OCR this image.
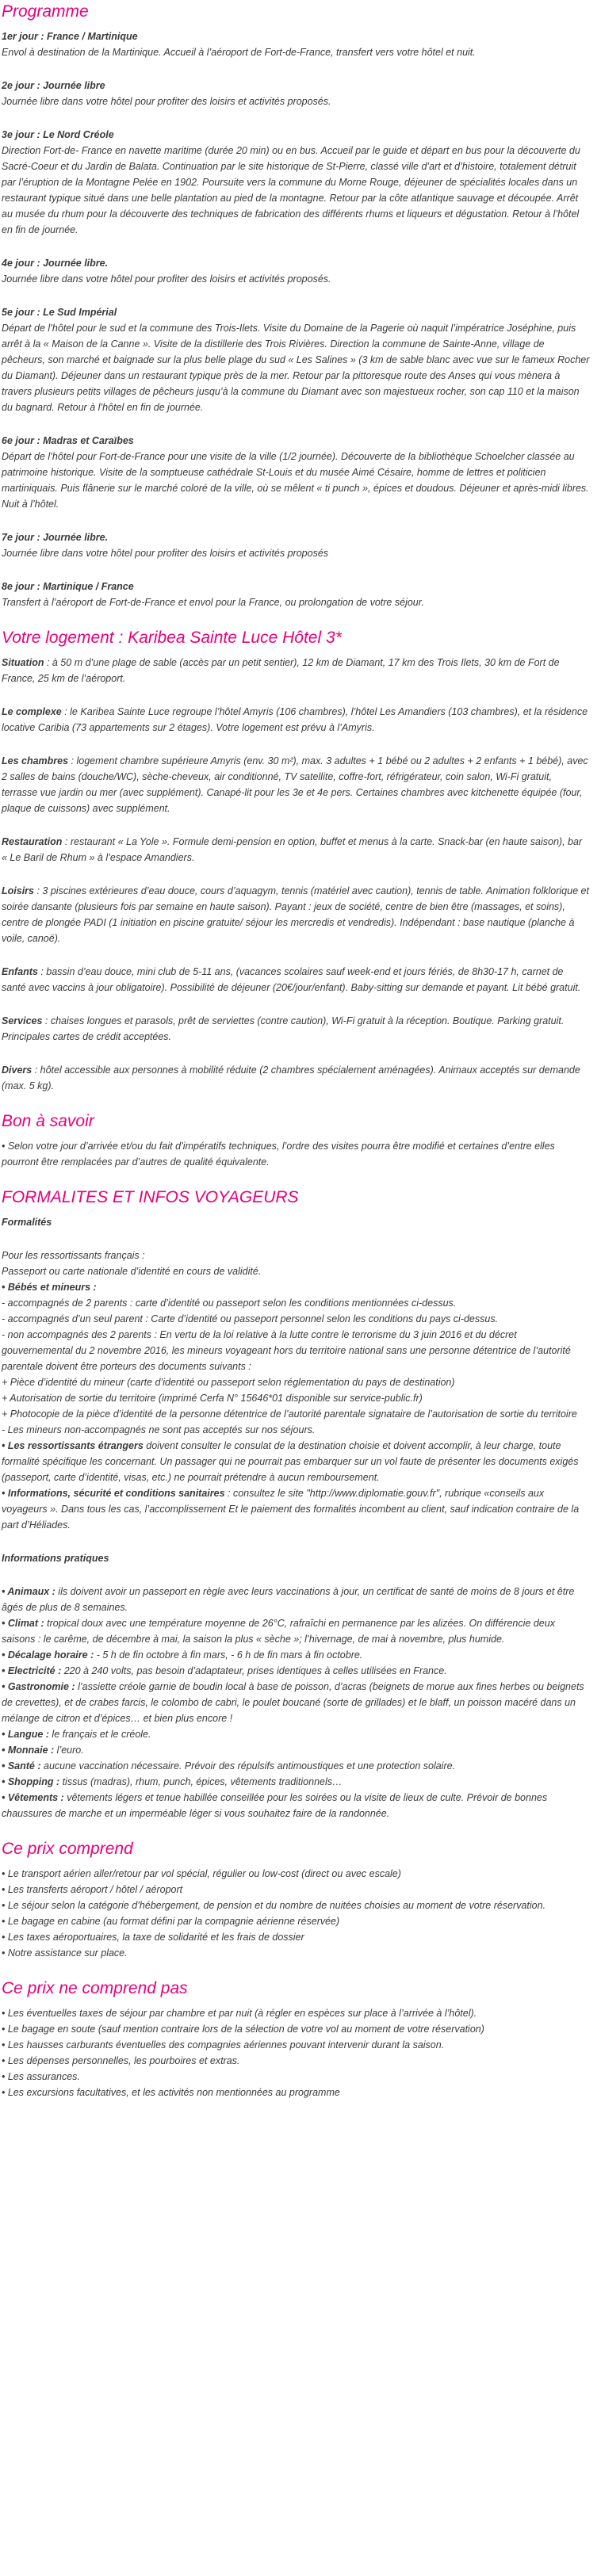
Programme
1er jour : France / Martinique
Envol à destination de la Martinique. Accueil à l’aéroport de Fort-de-France, transfert vers votre hôtel et nuit.
2e jour : Journée libre
Journée libre dans votre hôtel pour profiter des loisirs et activités proposés.
3e jour : Le Nord Créole
Direction Fort-de- France en navette maritime (durée 20 min) ou en bus. Accueil par le guide et départ en bus pour la découverte du Sacré-Coeur et du Jardin de Balata. Continuation par le site historique de St-Pierre, classé ville d’art et d’histoire, totalement détruit par l’éruption de la Montagne Pelée en 1902. Poursuite vers la commune du Morne Rouge, déjeuner de spécialités locales dans un restaurant typique situé dans une belle plantation au pied de la montagne. Retour par la côte atlantique sauvage et découpée. Arrêt au musée du rhum pour la découverte des techniques de fabrication des différents rhums et liqueurs et dégustation. Retour à l’hôtel en fin de journée.
4e jour : Journée libre.
Journée libre dans votre hôtel pour profiter des loisirs et activités proposés.
5e jour : Le Sud Impérial
Départ de l’hôtel pour le sud et la commune des Trois-Ilets. Visite du Domaine de la Pagerie où naquit l’impératrice Joséphine, puis arrêt à la « Maison de la Canne ». Visite de la distillerie des Trois Rivières. Direction la commune de Sainte-Anne, village de pêcheurs, son marché et baignade sur la plus belle plage du sud « Les Salines » (3 km de sable blanc avec vue sur le fameux Rocher du Diamant). Déjeuner dans un restaurant typique près de la mer. Retour par la pittoresque route des Anses qui vous mènera à travers plusieurs petits villages de pêcheurs jusqu’à la commune du Diamant avec son majestueux rocher, son cap 110 et la maison du bagnard. Retour à l’hôtel en fin de journée.
6e jour : Madras et Caraïbes
Départ de l’hôtel pour Fort-de-France pour une visite de la ville (1/2 journée). Découverte de la bibliothèque Schoelcher classée au patrimoine historique. Visite de la somptueuse cathédrale St-Louis et du musée Aimé Césaire, homme de lettres et politicien martiniquais. Puis flânerie sur le marché coloré de la ville, où se mêlent « ti punch », épices et doudous. Déjeuner et après-midi libres. Nuit à l’hôtel.
7e jour : Journée libre.
Journée libre dans votre hôtel pour profiter des loisirs et activités proposés
8e jour : Martinique / France
Transfert à l’aéroport de Fort-de-France et envol pour la France, ou prolongation de votre séjour.
Votre logement : Karibea Sainte Luce Hôtel 3*

Situation : à 50 m d’une plage de sable (accès par un petit sentier), 12 km de Diamant, 17 km des Trois Ilets, 30 km de Fort de France, 25 km de l’aéroport.

Le complexe : le Karibea Sainte Luce regroupe l’hôtel Amyris (106 chambres), l’hôtel Les Amandiers (103 chambres), et la résidence locative Caribia (73 appartements sur 2 étages). Votre logement est prévu à l’Amyris.

Les chambres : logement chambre supérieure Amyris (env. 30 m²), max. 3 adultes + 1 bébé ou 2 adultes + 2 enfants + 1 bébé), avec 2 salles de bains (douche/WC), sèche-cheveux, air conditionné, TV satellite, coffre-fort, réfrigérateur, coin salon, Wi-Fi gratuit, terrasse vue jardin ou mer (avec supplément). Canapé-lit pour les 3e et 4e pers. Certaines chambres avec kitchenette équipée (four, plaque de cuissons) avec supplément.

Restauration : restaurant « La Yole ». Formule demi-pension en option, buffet et menus à la carte. Snack-bar (en haute saison), bar « Le Baril de Rhum » à l’espace Amandiers.

Loisirs : 3 piscines extérieures d’eau douce, cours d’aquagym, tennis (matériel avec caution), tennis de table. Animation folklorique et soirée dansante (plusieurs fois par semaine en haute saison). Payant : jeux de société, centre de bien être (massages, et soins), centre de plongée PADI (1 initiation en piscine gratuite/ séjour les mercredis et vendredis). Indépendant : base nautique (planche à voile, canoë).

Enfants : bassin d’eau douce, mini club de 5-11 ans, (vacances scolaires sauf week-end et jours fériés, de 8h30-17 h, carnet de santé avec vaccins à jour obligatoire). Possibilité de déjeuner (20€/jour/enfant). Baby-sitting sur demande et payant. Lit bébé gratuit.

Services : chaises longues et parasols, prêt de serviettes (contre caution), Wi-Fi gratuit à la réception. Boutique. Parking gratuit. Principales cartes de crédit acceptées.

Divers : hôtel accessible aux personnes à mobilité réduite (2 chambres spécialement aménagées). Animaux acceptés sur demande (max. 5 kg).

Bon à savoir

• Selon votre jour d’arrivée et/ou du fait d’impératifs techniques, l’ordre des visites pourra être modifié et certaines d’entre elles pourront être remplacées par d’autres de qualité équivalente.

FORMALITES ET INFOS VOYAGEURS
Formalités
Pour les ressortissants français :
Passeport ou carte nationale d’identité en cours de validité.
• Bébés et mineurs :
- accompagnés de 2 parents : carte d’identité ou passeport selon les conditions mentionnées ci-dessus.
- accompagnés d’un seul parent : Carte d’identité ou passeport personnel selon les conditions du pays ci-dessus.
- non accompagnés des 2 parents : En vertu de la loi relative à la lutte contre le terrorisme du 3 juin 2016 et du décret gouvernemental du 2 novembre 2016, les mineurs voyageant hors du territoire national sans une personne détentrice de l’autorité parentale doivent être porteurs des documents suivants :
+ Pièce d’identité du mineur (carte d’identité ou passeport selon réglementation du pays de destination)
+ Autorisation de sortie du territoire (imprimé Cerfa N° 15646*01 disponible sur service-public.fr)
+ Photocopie de la pièce d’identité de la personne détentrice de l’autorité parentale signataire de l’autorisation de sortie du territoire
- Les mineurs non-accompagnés ne sont pas acceptés sur nos séjours.
• Les ressortissants étrangers doivent consulter le consulat de la destination choisie et doivent accomplir, à leur charge, toute formalité spécifique les concernant. Un passager qui ne pourrait pas embarquer sur un vol faute de présenter les documents exigés (passeport, carte d’identité, visas, etc.) ne pourrait prétendre à aucun remboursement.
• Informations, sécurité et conditions sanitaires : consultez le site "http://www.diplomatie.gouv.fr", rubrique «conseils aux voyageurs ». Dans tous les cas, l’accomplissement Et le paiement des formalités incombent au client, sauf indication contraire de la part d’Héliades.
Informations pratiques
• Animaux : ils doivent avoir un passeport en règle avec leurs vaccinations à jour, un certificat de santé de moins de 8 jours et être âgés de plus de 8 semaines.
• Climat : tropical doux avec une température moyenne de 26°C, rafraîchi en permanence par les alizées. On différencie deux saisons : le carême, de décembre à mai, la saison la plus « sèche »; l’hivernage, de mai à novembre, plus humide.
• Décalage horaire : - 5 h de fin octobre à fin mars, - 6 h de fin mars à fin octobre.
• Electricité : 220 à 240 volts, pas besoin d’adaptateur, prises identiques à celles utilisées en France.
• Gastronomie : l’assiette créole garnie de boudin local à base de poisson, d’acras (beignets de morue aux fines herbes ou beignets de crevettes), et de crabes farcis, le colombo de cabri, le poulet boucané (sorte de grillades) et le blaff, un poisson macéré dans un mélange de citron et d’épices… et bien plus encore !
• Langue : le français et le créole.
• Monnaie : l’euro.
• Santé : aucune vaccination nécessaire. Prévoir des répulsifs antimoustiques et une protection solaire.
• Shopping : tissus (madras), rhum, punch, épices, vêtements traditionnels…
• Vêtements : vêtements légers et tenue habillée conseillée pour les soirées ou la visite de lieux de culte. Prévoir de bonnes chaussures de marche et un imperméable léger si vous souhaitez faire de la randonnée.
Ce prix comprend
• Le transport aérien aller/retour par vol spécial, régulier ou low-cost (direct ou avec escale)
• Les transferts aéroport / hôtel / aéroport
• Le séjour selon la catégorie d’hébergement, de pension et du nombre de nuitées choisies au moment de votre réservation.
• Le bagage en cabine (au format défini par la compagnie aérienne réservée)
• Les taxes aéroportuaires, la taxe de solidarité et les frais de dossier
• Notre assistance sur place.
Ce prix ne comprend pas
• Les éventuelles taxes de séjour par chambre et par nuit (à régler en espèces sur place à l’arrivée à l’hôtel).
• Le bagage en soute (sauf mention contraire lors de la sélection de votre vol au moment de votre réservation)
• Les hausses carburants éventuelles des compagnies aériennes pouvant intervenir durant la saison.
• Les dépenses personnelles, les pourboires et extras.
• Les assurances.
• Les excursions facultatives, et les activités non mentionnées au programme
